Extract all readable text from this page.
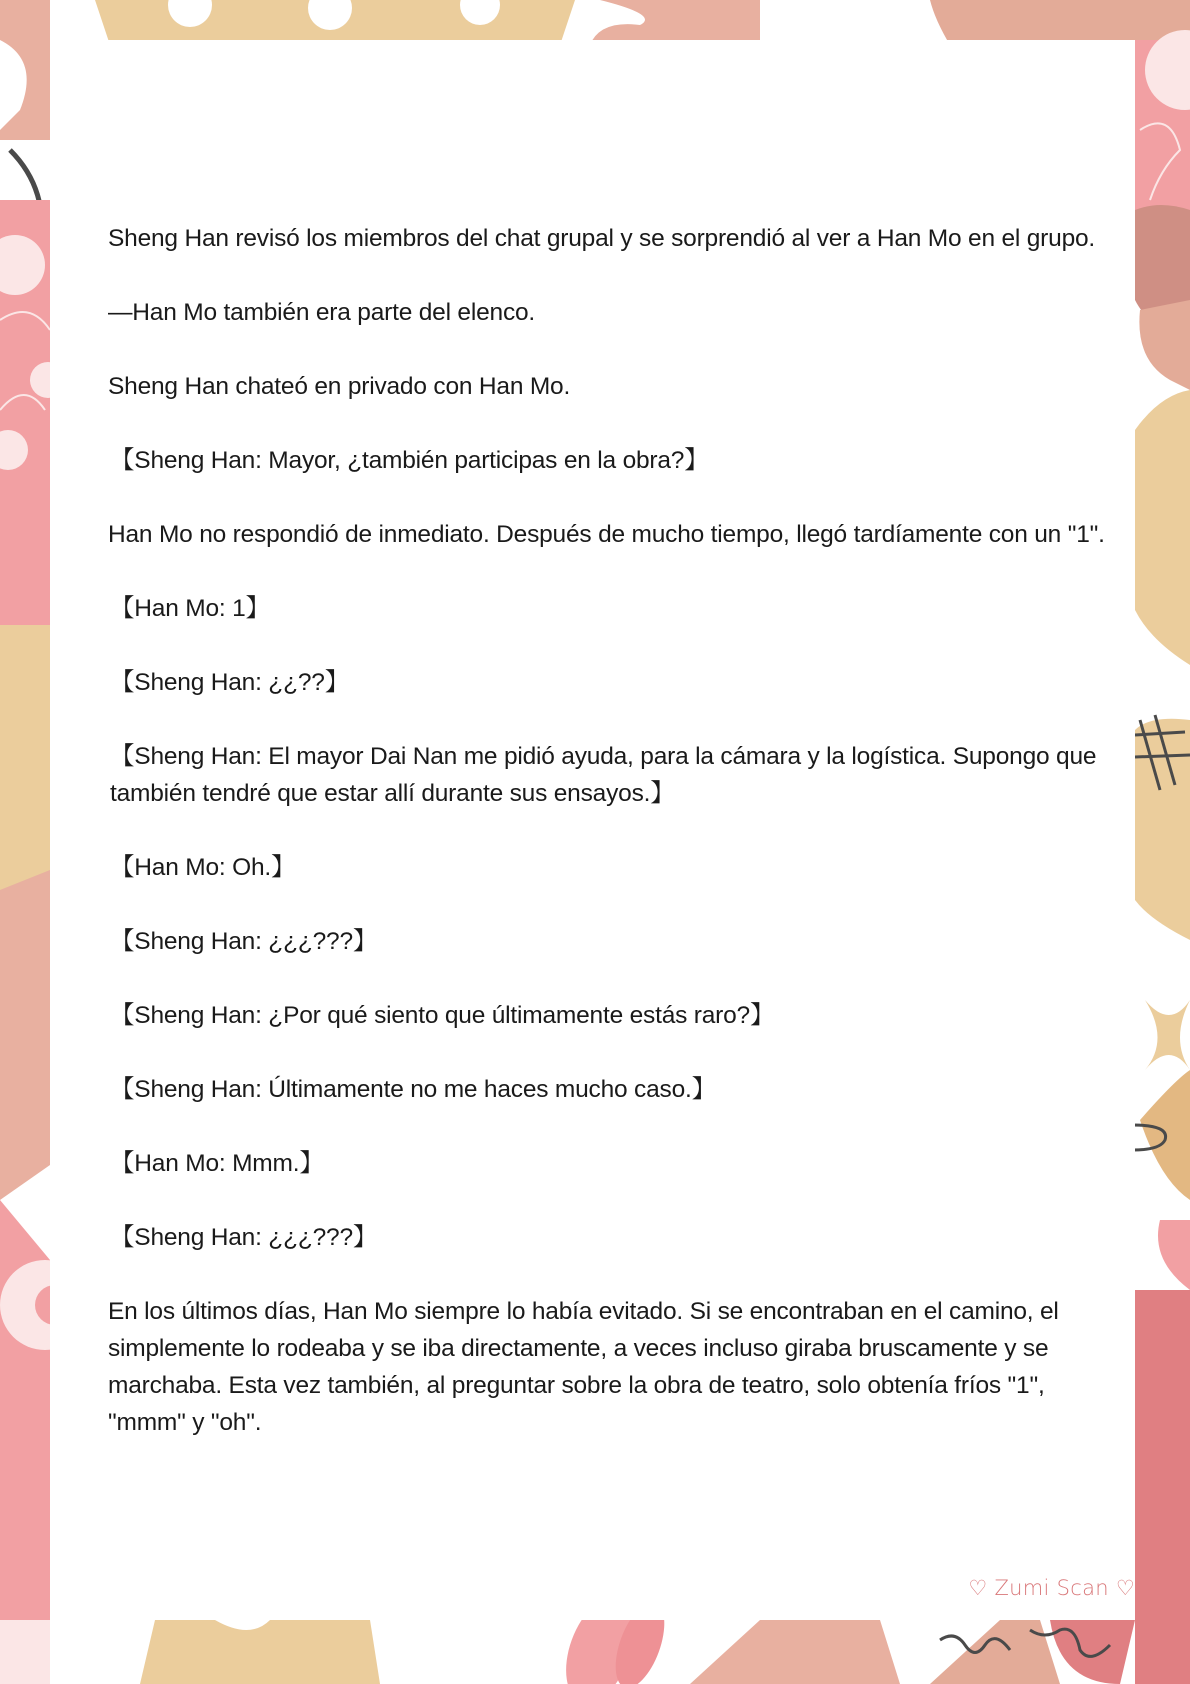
Sheng Han revisó los miembros del chat grupal y se sorprendió al ver a Han Mo en el grupo.

—Han Mo también era parte del elenco.

Sheng Han chateó en privado con Han Mo.

【Sheng Han: Mayor, ¿también participas en la obra?】

Han Mo no respondió de inmediato. Después de mucho tiempo, llegó tardíamente con un "1".

【Han Mo: 1】

【Sheng Han: ¿¿??】

【Sheng Han: El mayor Dai Nan me pidió ayuda, para la cámara y la logística. Supongo que también tendré que estar allí durante sus ensayos.】

【Han Mo: Oh.】

【Sheng Han: ¿¿¿???】

【Sheng Han: ¿Por qué siento que últimamente estás raro?】

【Sheng Han: Últimamente no me haces mucho caso.】

【Han Mo: Mmm.】

【Sheng Han: ¿¿¿???】

En los últimos días, Han Mo siempre lo había evitado. Si se encontraban en el camino, el simplemente lo rodeaba y se iba directamente, a veces incluso giraba bruscamente y se marchaba. Esta vez también, al preguntar sobre la obra de teatro, solo obtenía fríos "1", "mmm" y "oh".

♡ Zumi Scan ♡
